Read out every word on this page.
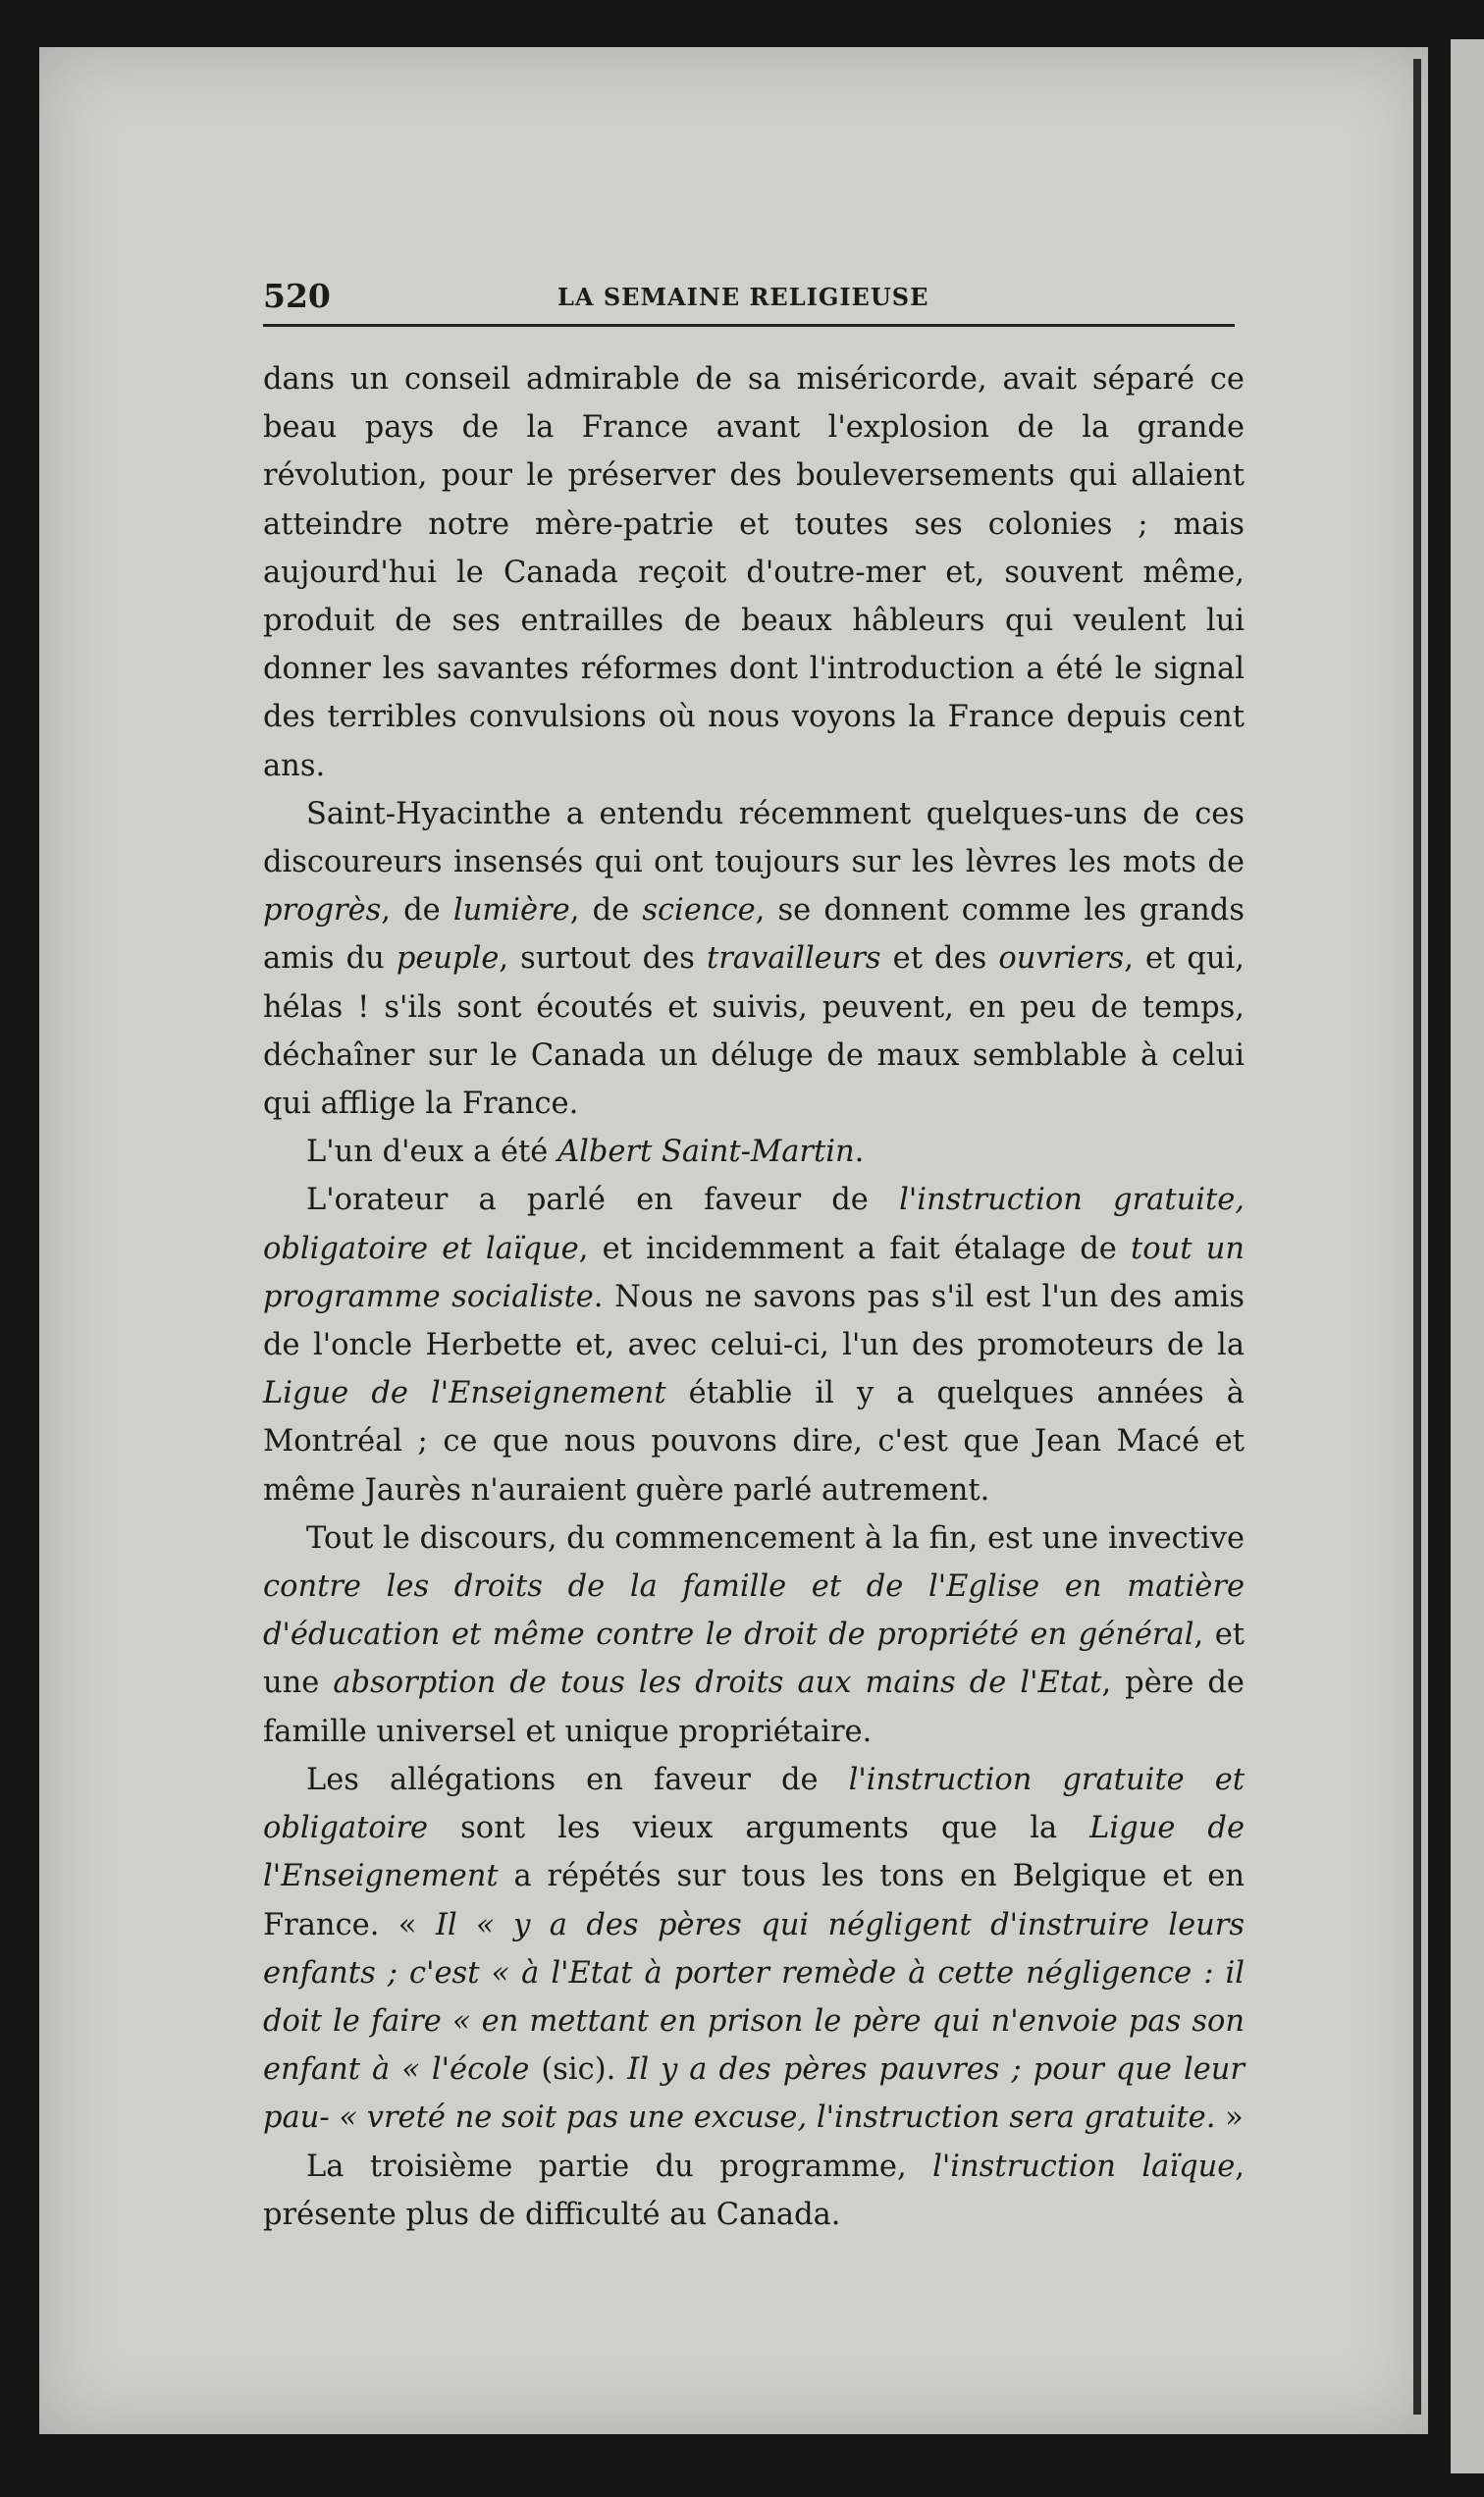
520	LA SEMAINE RELIGIEUSE

dans un conseil admirable de sa miséricorde, avait séparé ce beau pays de la France avant l'explosion de la grande révolution, pour le préserver des bouleversements qui allaient atteindre notre mère-patrie et toutes ses colonies ; mais aujourd'hui le Canada reçoit d'outre-mer et, souvent même, produit de ses entrailles de beaux hâbleurs qui veulent lui donner les savantes réformes dont l'introduction a été le signal des terribles convulsions où nous voyons la France depuis cent ans.

Saint-Hyacinthe a entendu récemment quelques-uns de ces discoureurs insensés qui ont toujours sur les lèvres les mots de progrès, de lumière, de science, se donnent comme les grands amis du peuple, surtout des travailleurs et des ouvriers, et qui, hélas ! s'ils sont écoutés et suivis, peuvent, en peu de temps, déchaîner sur le Canada un déluge de maux semblable à celui qui afflige la France.

L'un d'eux a été Albert Saint-Martin.

L'orateur a parlé en faveur de l'instruction gratuite, obligatoire et laïque, et incidemment a fait étalage de tout un programme socialiste. Nous ne savons pas s'il est l'un des amis de l'oncle Herbette et, avec celui-ci, l'un des promoteurs de la Ligue de l'Enseignement établie il y a quelques années à Montréal ; ce que nous pouvons dire, c'est que Jean Macé et même Jaurès n'auraient guère parlé autrement.

Tout le discours, du commencement à la fin, est une invective contre les droits de la famille et de l'Eglise en matière d'éducation et même contre le droit de propriété en général, et une absorption de tous les droits aux mains de l'Etat, père de famille universel et unique propriétaire.

Les allégations en faveur de l'instruction gratuite et obligatoire sont les vieux arguments que la Ligue de l'Enseignement a répétés sur tous les tons en Belgique et en France. « Il « y a des pères qui négligent d'instruire leurs enfants ; c'est « à l'Etat à porter remède à cette négligence : il doit le faire « en mettant en prison le père qui n'envoie pas son enfant à « l'école (sic). Il y a des pères pauvres ; pour que leur pau- « vreté ne soit pas une excuse, l'instruction sera gratuite. »

La troisième partie du programme, l'instruction laïque, présente plus de difficulté au Canada.
